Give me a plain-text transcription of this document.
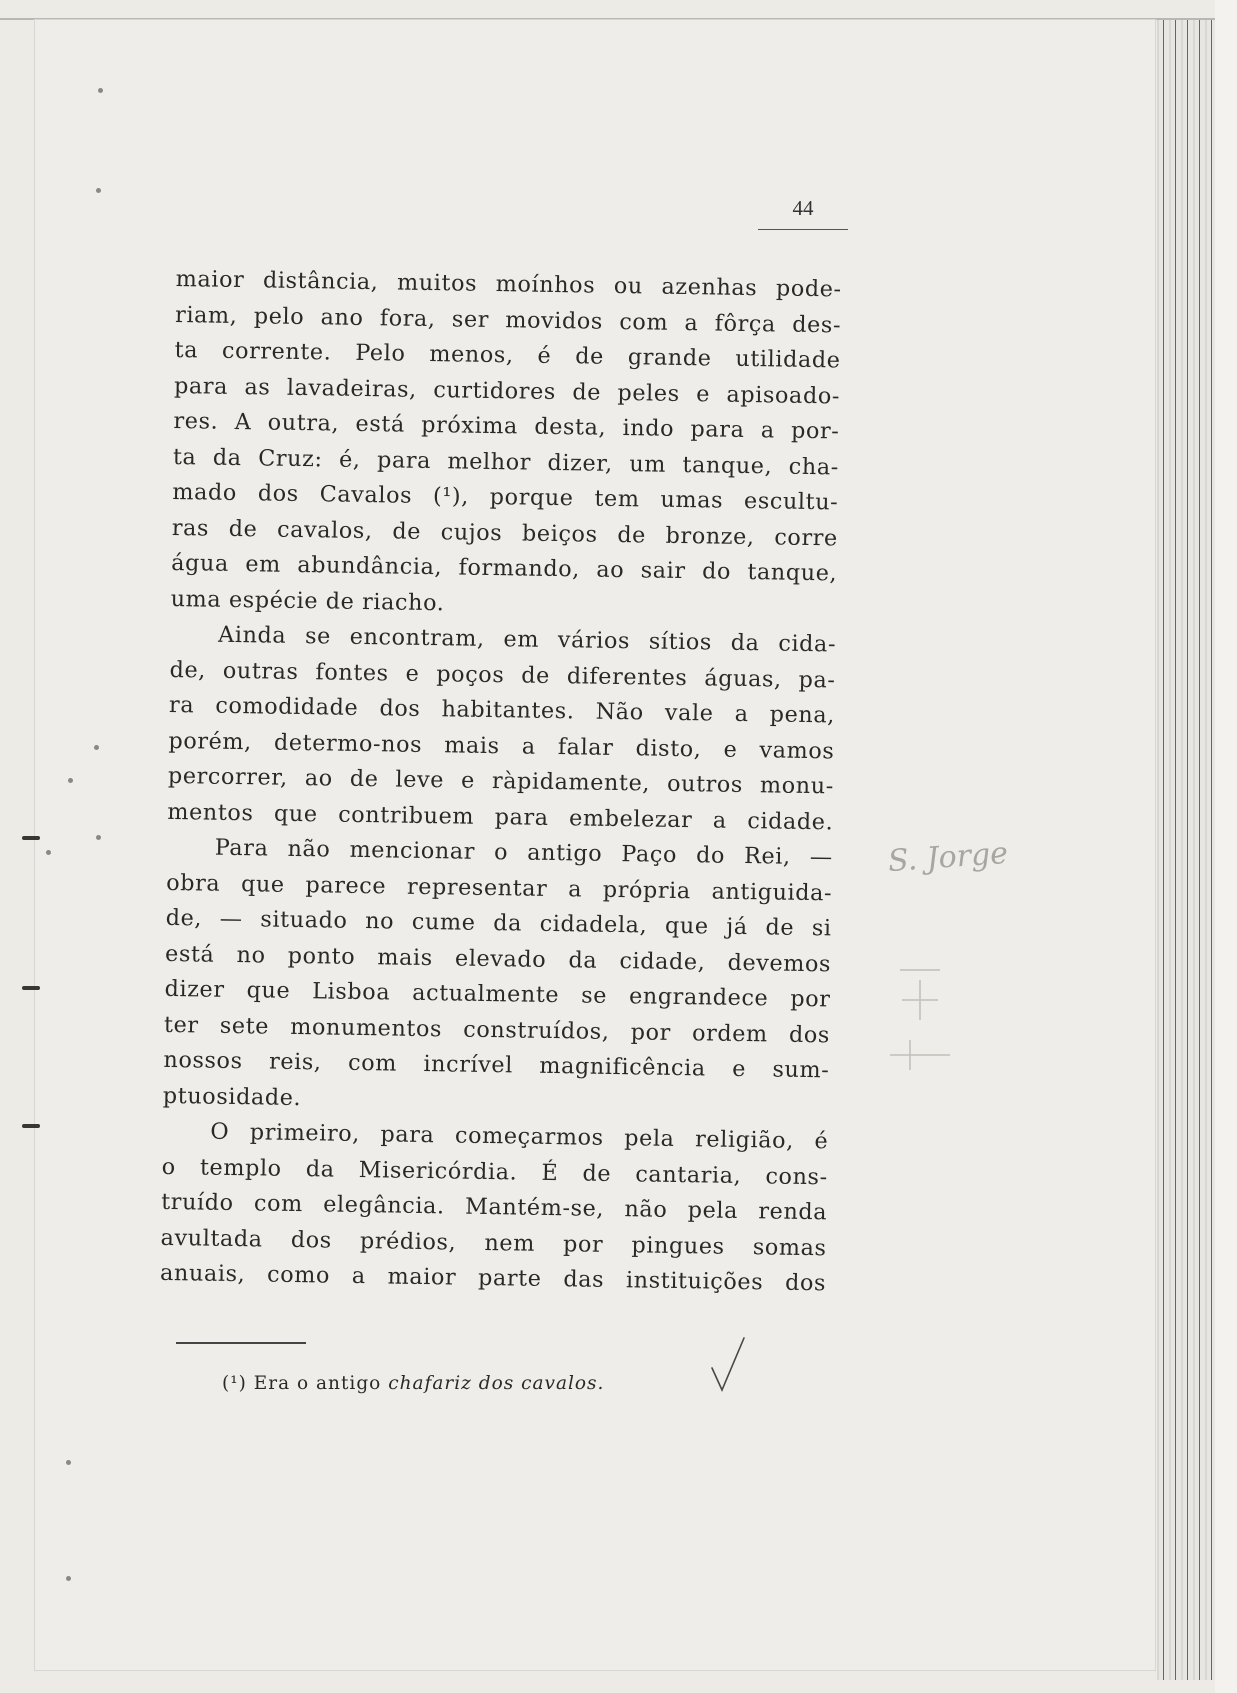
44

maior distância, muitos moínhos ou azenhas pode-

riam, pelo ano fora, ser movidos com a fôrça des-

ta corrente. Pelo menos, é de grande utilidade

para as lavadeiras, curtidores de peles e apisoado-

res. A outra, está próxima desta, indo para a por-

ta da Cruz: é, para melhor dizer, um tanque, cha-

mado dos Cavalos (¹), porque tem umas escultu-

ras de cavalos, de cujos beiços de bronze, corre

água em abundância, formando, ao sair do tanque,

uma espécie de riacho.

Ainda se encontram, em vários sítios da cida-

de, outras fontes e poços de diferentes águas, pa-

ra comodidade dos habitantes. Não vale a pena,

porém, determo-nos mais a falar disto, e vamos

percorrer, ao de leve e ràpidamente, outros monu-

mentos que contribuem para embelezar a cidade.

Para não mencionar o antigo Paço do Rei, —

obra que parece representar a própria antiguida-

de, — situado no cume da cidadela, que já de si

está no ponto mais elevado da cidade, devemos

dizer que Lisboa actualmente se engrandece por

ter sete monumentos construídos, por ordem dos

nossos reis, com incrível magnificência e sum-

ptuosidade.

O primeiro, para começarmos pela religião, é

o templo da Misericórdia. É de cantaria, cons-

truído com elegância. Mantém-se, não pela renda

avultada dos prédios, nem por pingues somas

anuais, como a maior parte das instituições dos

(¹) Era o antigo chafariz dos cavalos.
S. Jorge
